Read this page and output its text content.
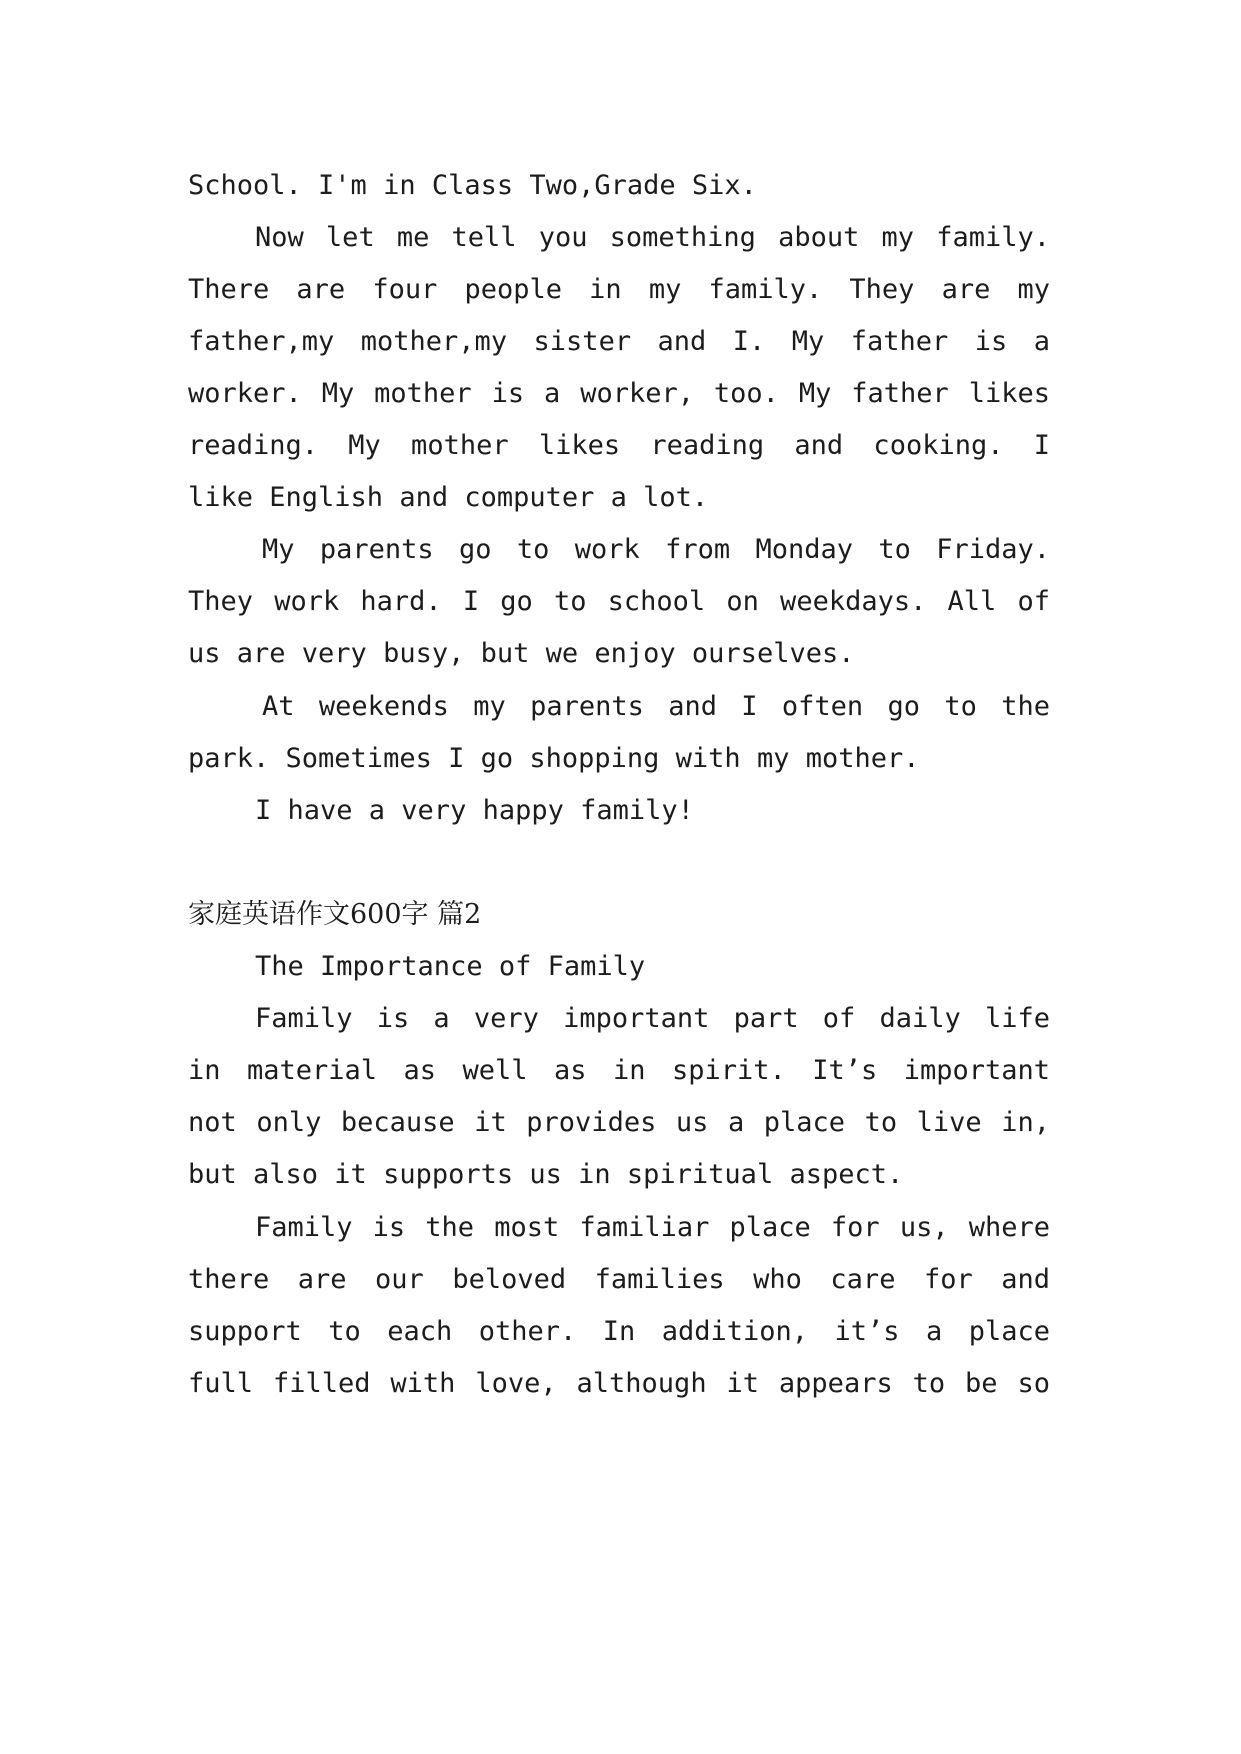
School. I'm in Class Two,Grade Six.
Now let me tell you something about my family.
There are four people in my family. They are my
father,my mother,my sister and I. My father is a
worker. My mother is a worker, too. My father likes
reading. My mother likes reading and cooking. I
like English and computer a lot.
My parents go to work from Monday to Friday.
They work hard. I go to school on weekdays. All of
us are very busy, but we enjoy ourselves.
At weekends my parents and I often go to the
park. Sometimes I go shopping with my mother.
I have a very happy family!
家庭英语作文600字 篇2
The Importance of Family
Family is a very important part of daily life
in material as well as in spirit. It’s important
not only because it provides us a place to live in,
but also it supports us in spiritual aspect.
Family is the most familiar place for us, where
there are our beloved families who care for and
support to each other. In addition, it’s a place
full filled with love, although it appears to be so
